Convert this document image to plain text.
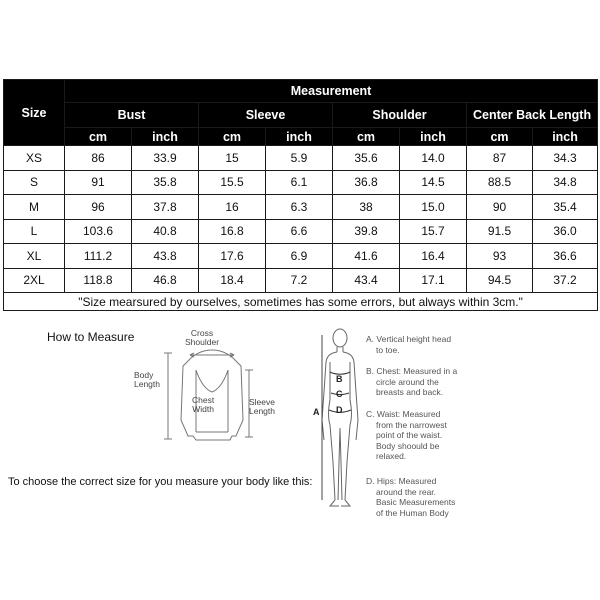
Size	Measurement							
	Bust		Sleeve		Shoulder		Center Back Length	
	cm	inch	cm	inch	cm	inch	cm	inch
XS	86	33.9	15	5.9	35.6	14.0	87	34.3
S	91	35.8	15.5	6.1	36.8	14.5	88.5	34.8
M	96	37.8	16	6.3	38	15.0	90	35.4
L	103.6	40.8	16.8	6.6	39.8	15.7	91.5	36.0
XL	111.2	43.8	17.6	6.9	41.6	16.4	93	36.6
2XL	118.8	46.8	18.4	7.2	43.4	17.1	94.5	37.2
"Size mearsured by ourselves, sometimes has some errors, but always within 3cm."								
How to Measure	Cross
Shoulder
Body
Length
Chest
Width
Sleeve
Length
To choose the correct size for you measure your body like this:
A
B
C
D
A. Vertical height head
to toe.
B. Chest: Measured in a
circle around the
breasts and back.
C. Waist: Measured
from the narrowest
point of the waist.
Body shoould be
relaxed.
D. Hips: Measured
around the rear.
Basic Measurements
of the Human Body
